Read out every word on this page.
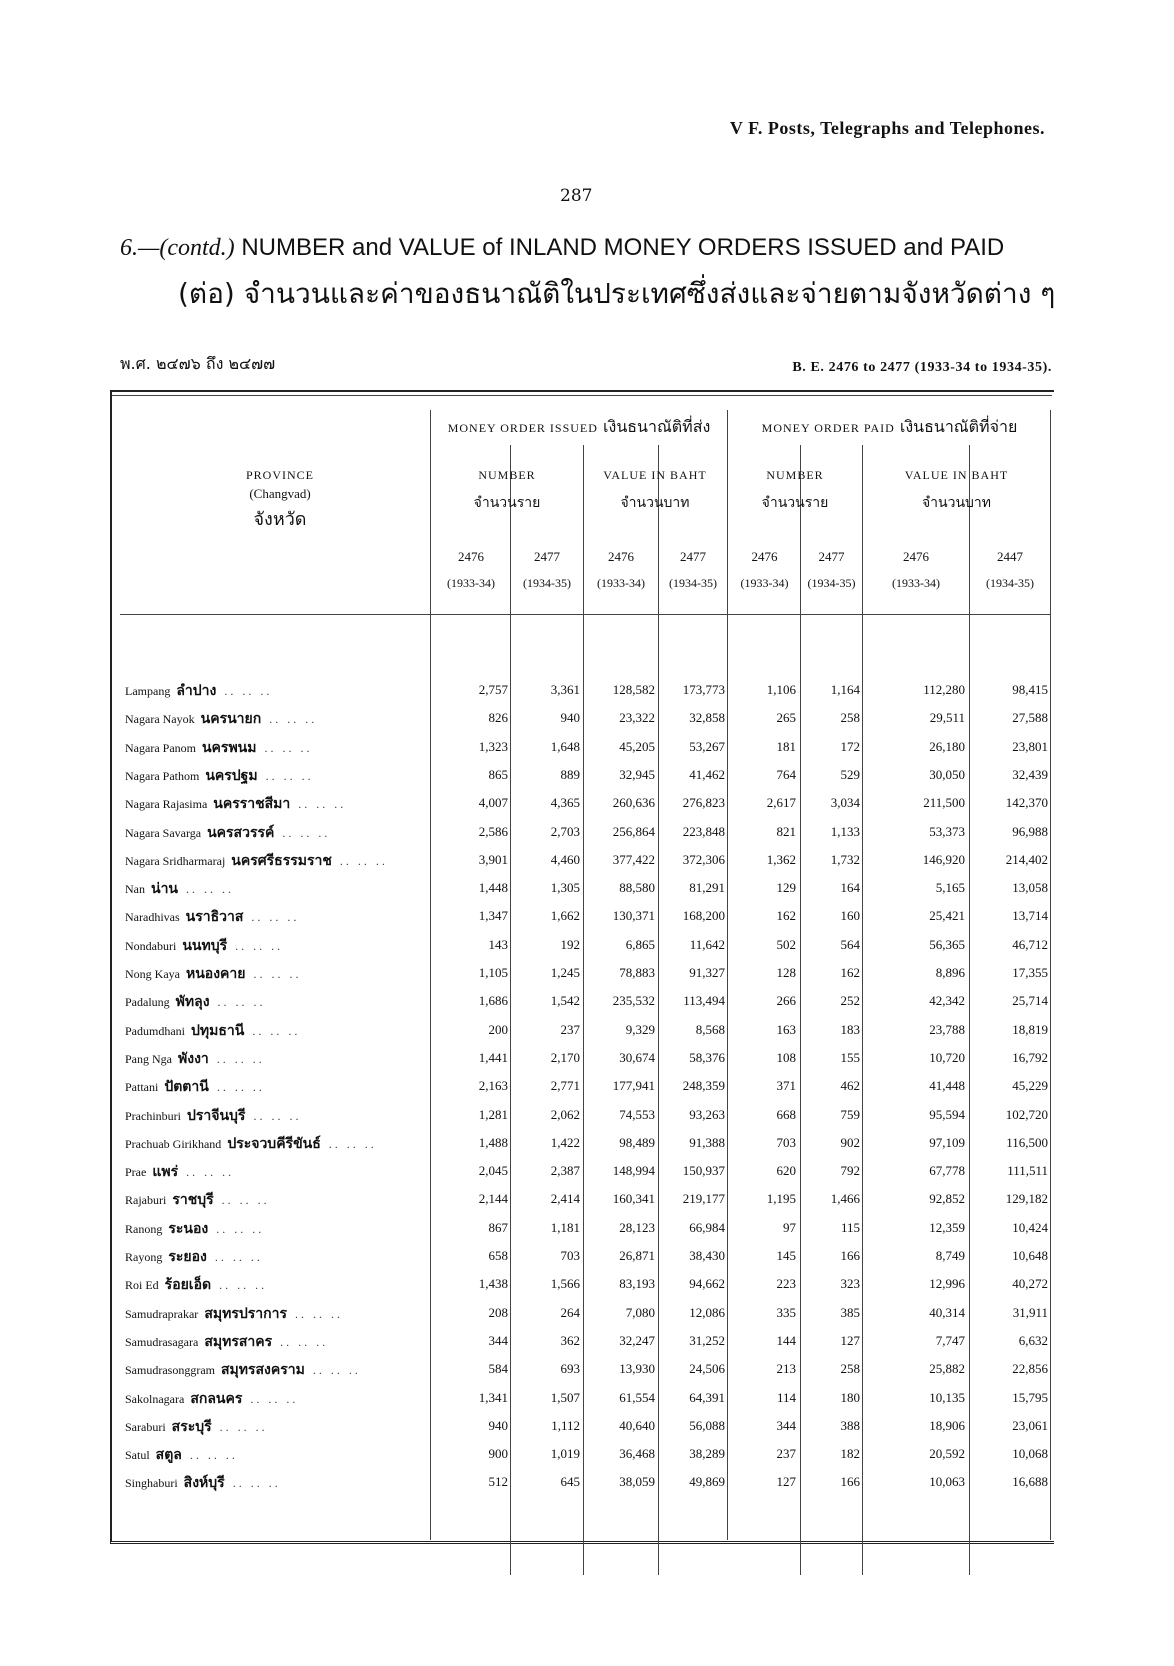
V F. Posts, Telegraphs and Telephones.
287
6.—(contd.) NUMBER and VALUE of INLAND MONEY ORDERS ISSUED and PAID
(ต่อ) จำนวนและค่าของธนาณัติในประเทศซึ่งส่งและจ่ายตามจังหวัดต่าง ๆ
พ.ศ. ๒๔๗๖ ถึง ๒๔๗๗	B. E. 2476 to 2477 (1933-34 to 1934-35).
PROVINCE
(Changvad)
จังหวัด
MONEY ORDER ISSUED เงินธนาณัติที่ส่ง	MONEY ORDER PAID เงินธนาณัติที่จ่าย
NUMBER
จำนวนราย
VALUE IN BAHT
จำนวนบาท
NUMBER
จำนวนราย
VALUE IN BAHT
จำนวนบาท
2476	2477	2476	2477	2476	2477	2476	2447
(1933-34)	(1934-35)	(1933-34)	(1934-35)	(1933-34)	(1934-35)	(1933-34)	(1934-35)
Lampang ลำปาง .. .. ..	2,757	3,361	128,582	173,773	1,106	1,164	112,280	98,415
Nagara Nayok นครนายก .. .. ..	826	940	23,322	32,858	265	258	29,511	27,588
Nagara Panom นครพนม .. .. ..	1,323	1,648	45,205	53,267	181	172	26,180	23,801
Nagara Pathom นครปฐม .. .. ..	865	889	32,945	41,462	764	529	30,050	32,439
Nagara Rajasima นครราชสีมา .. .. ..	4,007	4,365	260,636	276,823	2,617	3,034	211,500	142,370
Nagara Savarga นครสวรรค์ .. .. ..	2,586	2,703	256,864	223,848	821	1,133	53,373	96,988
Nagara Sridharmaraj นครศรีธรรมราช .. .. ..	3,901	4,460	377,422	372,306	1,362	1,732	146,920	214,402
Nan น่าน .. .. ..	1,448	1,305	88,580	81,291	129	164	5,165	13,058
Naradhivas นราธิวาส .. .. ..	1,347	1,662	130,371	168,200	162	160	25,421	13,714
Nondaburi นนทบุรี .. .. ..	143	192	6,865	11,642	502	564	56,365	46,712
Nong Kaya หนองคาย .. .. ..	1,105	1,245	78,883	91,327	128	162	8,896	17,355
Padalung พัทลุง .. .. ..	1,686	1,542	235,532	113,494	266	252	42,342	25,714
Padumdhani ปทุมธานี .. .. ..	200	237	9,329	8,568	163	183	23,788	18,819
Pang Nga พังงา .. .. ..	1,441	2,170	30,674	58,376	108	155	10,720	16,792
Pattani ปัตตานี .. .. ..	2,163	2,771	177,941	248,359	371	462	41,448	45,229
Prachinburi ปราจีนบุรี .. .. ..	1,281	2,062	74,553	93,263	668	759	95,594	102,720
Prachuab Girikhand ประจวบคีรีขันธ์ .. .. ..	1,488	1,422	98,489	91,388	703	902	97,109	116,500
Prae แพร่ .. .. ..	2,045	2,387	148,994	150,937	620	792	67,778	111,511
Rajaburi ราชบุรี .. .. ..	2,144	2,414	160,341	219,177	1,195	1,466	92,852	129,182
Ranong ระนอง .. .. ..	867	1,181	28,123	66,984	97	115	12,359	10,424
Rayong ระยอง .. .. ..	658	703	26,871	38,430	145	166	8,749	10,648
Roi Ed ร้อยเอ็ด .. .. ..	1,438	1,566	83,193	94,662	223	323	12,996	40,272
Samudraprakar สมุทรปราการ .. .. ..	208	264	7,080	12,086	335	385	40,314	31,911
Samudrasagara สมุทรสาคร .. .. ..	344	362	32,247	31,252	144	127	7,747	6,632
Samudrasonggram สมุทรสงคราม .. .. ..	584	693	13,930	24,506	213	258	25,882	22,856
Sakolnagara สกลนคร .. .. ..	1,341	1,507	61,554	64,391	114	180	10,135	15,795
Saraburi สระบุรี .. .. ..	940	1,112	40,640	56,088	344	388	18,906	23,061
Satul สตูล .. .. ..	900	1,019	36,468	38,289	237	182	20,592	10,068
Singhaburi สิงห์บุรี .. .. ..	512	645	38,059	49,869	127	166	10,063	16,688
